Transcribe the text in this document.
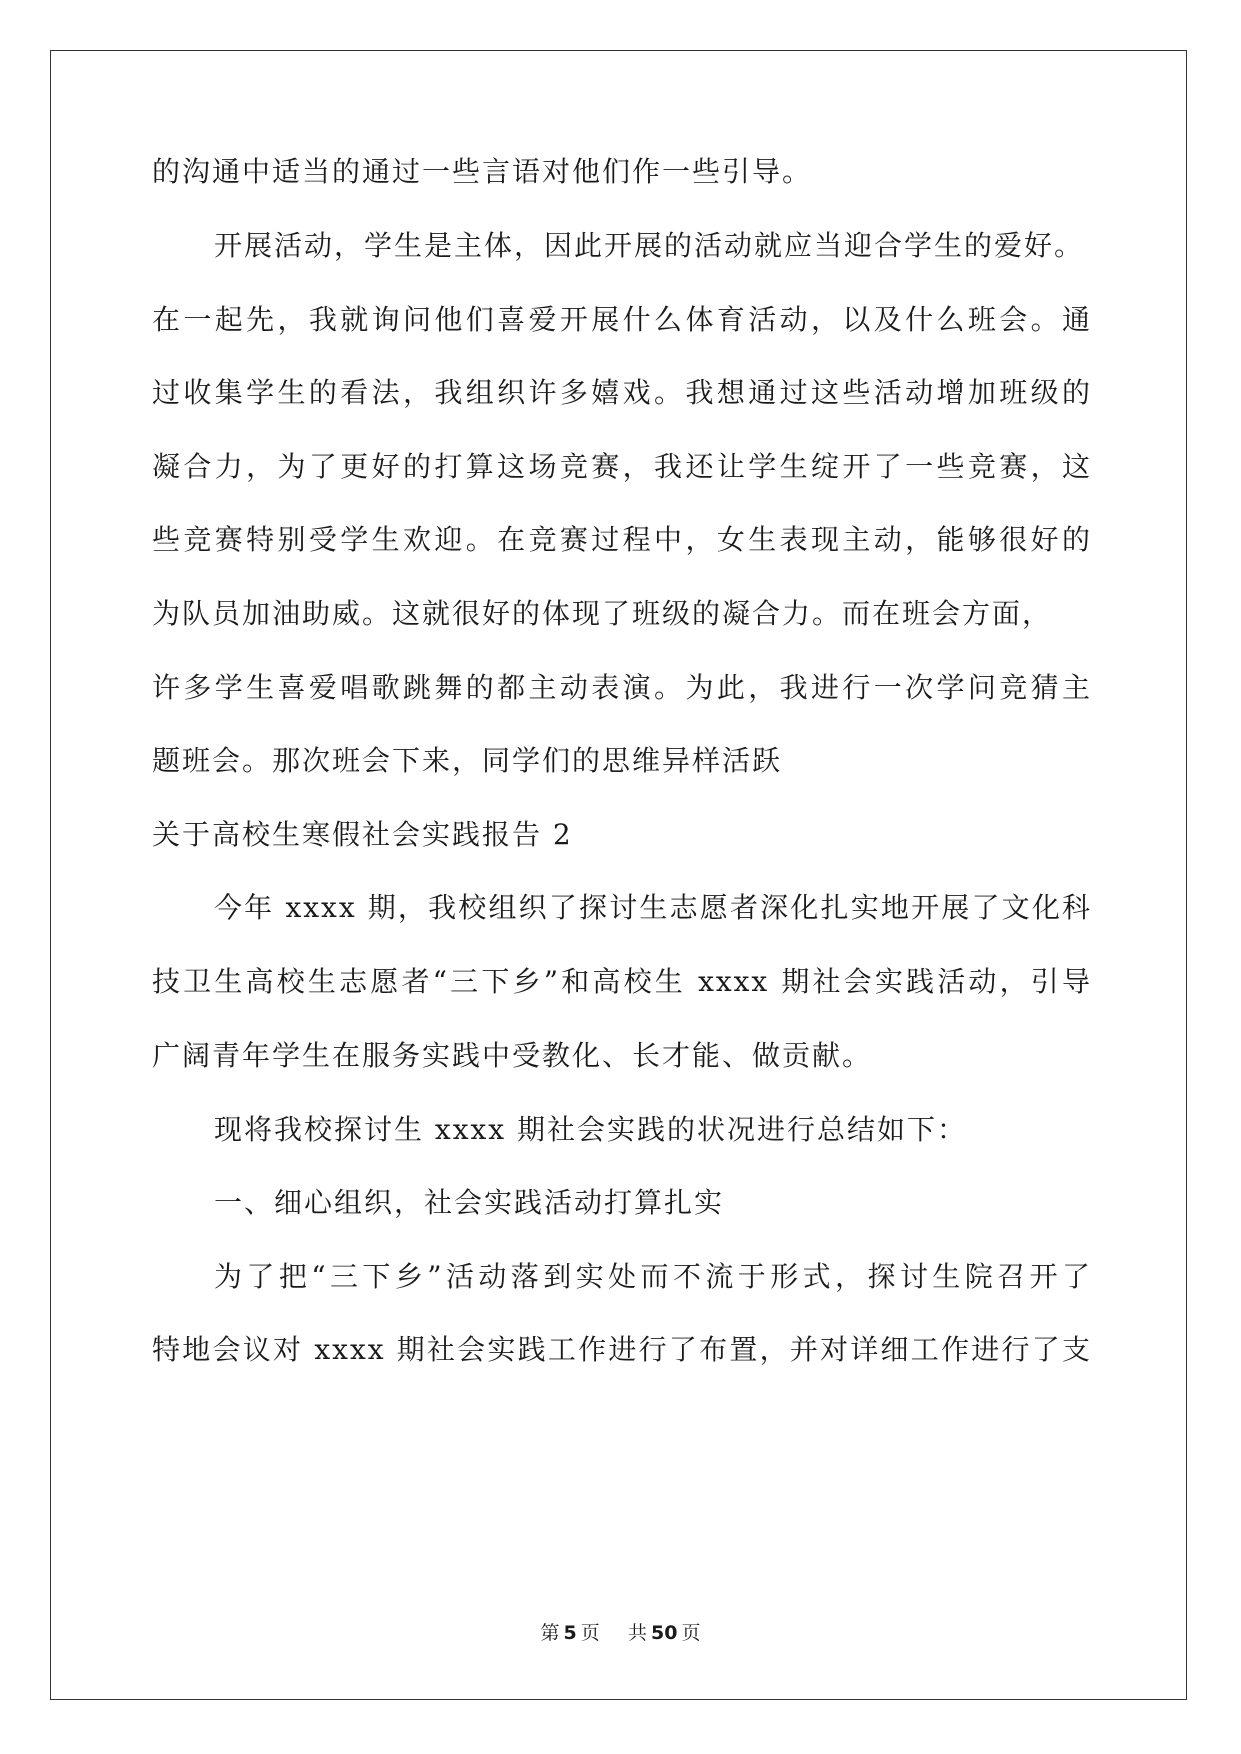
的沟通中适当的通过一些言语对他们作一些引导。
开展活动，学生是主体，因此开展的活动就应当迎合学生的爱好。
在一起先，我就询问他们喜爱开展什么体育活动，以及什么班会。通
过收集学生的看法，我组织许多嬉戏。我想通过这些活动增加班级的
凝合力，为了更好的打算这场竞赛，我还让学生绽开了一些竞赛，这
些竞赛特别受学生欢迎。在竞赛过程中，女生表现主动，能够很好的
为队员加油助威。这就很好的体现了班级的凝合力。而在班会方面，
许多学生喜爱唱歌跳舞的都主动表演。为此，我进行一次学问竞猜主
题班会。那次班会下来，同学们的思维异样活跃
关于高校生寒假社会实践报告 2
今年 xxxx 期，我校组织了探讨生志愿者深化扎实地开展了文化科
技卫生高校生志愿者“三下乡”和高校生 xxxx 期社会实践活动，引导
广阔青年学生在服务实践中受教化、长才能、做贡献。
现将我校探讨生 xxxx 期社会实践的状况进行总结如下：
一、细心组织，社会实践活动打算扎实
为了把“三下乡”活动落到实处而不流于形式，探讨生院召开了
特地会议对 xxxx 期社会实践工作进行了布置，并对详细工作进行了支
第 5 页 共 50 页
